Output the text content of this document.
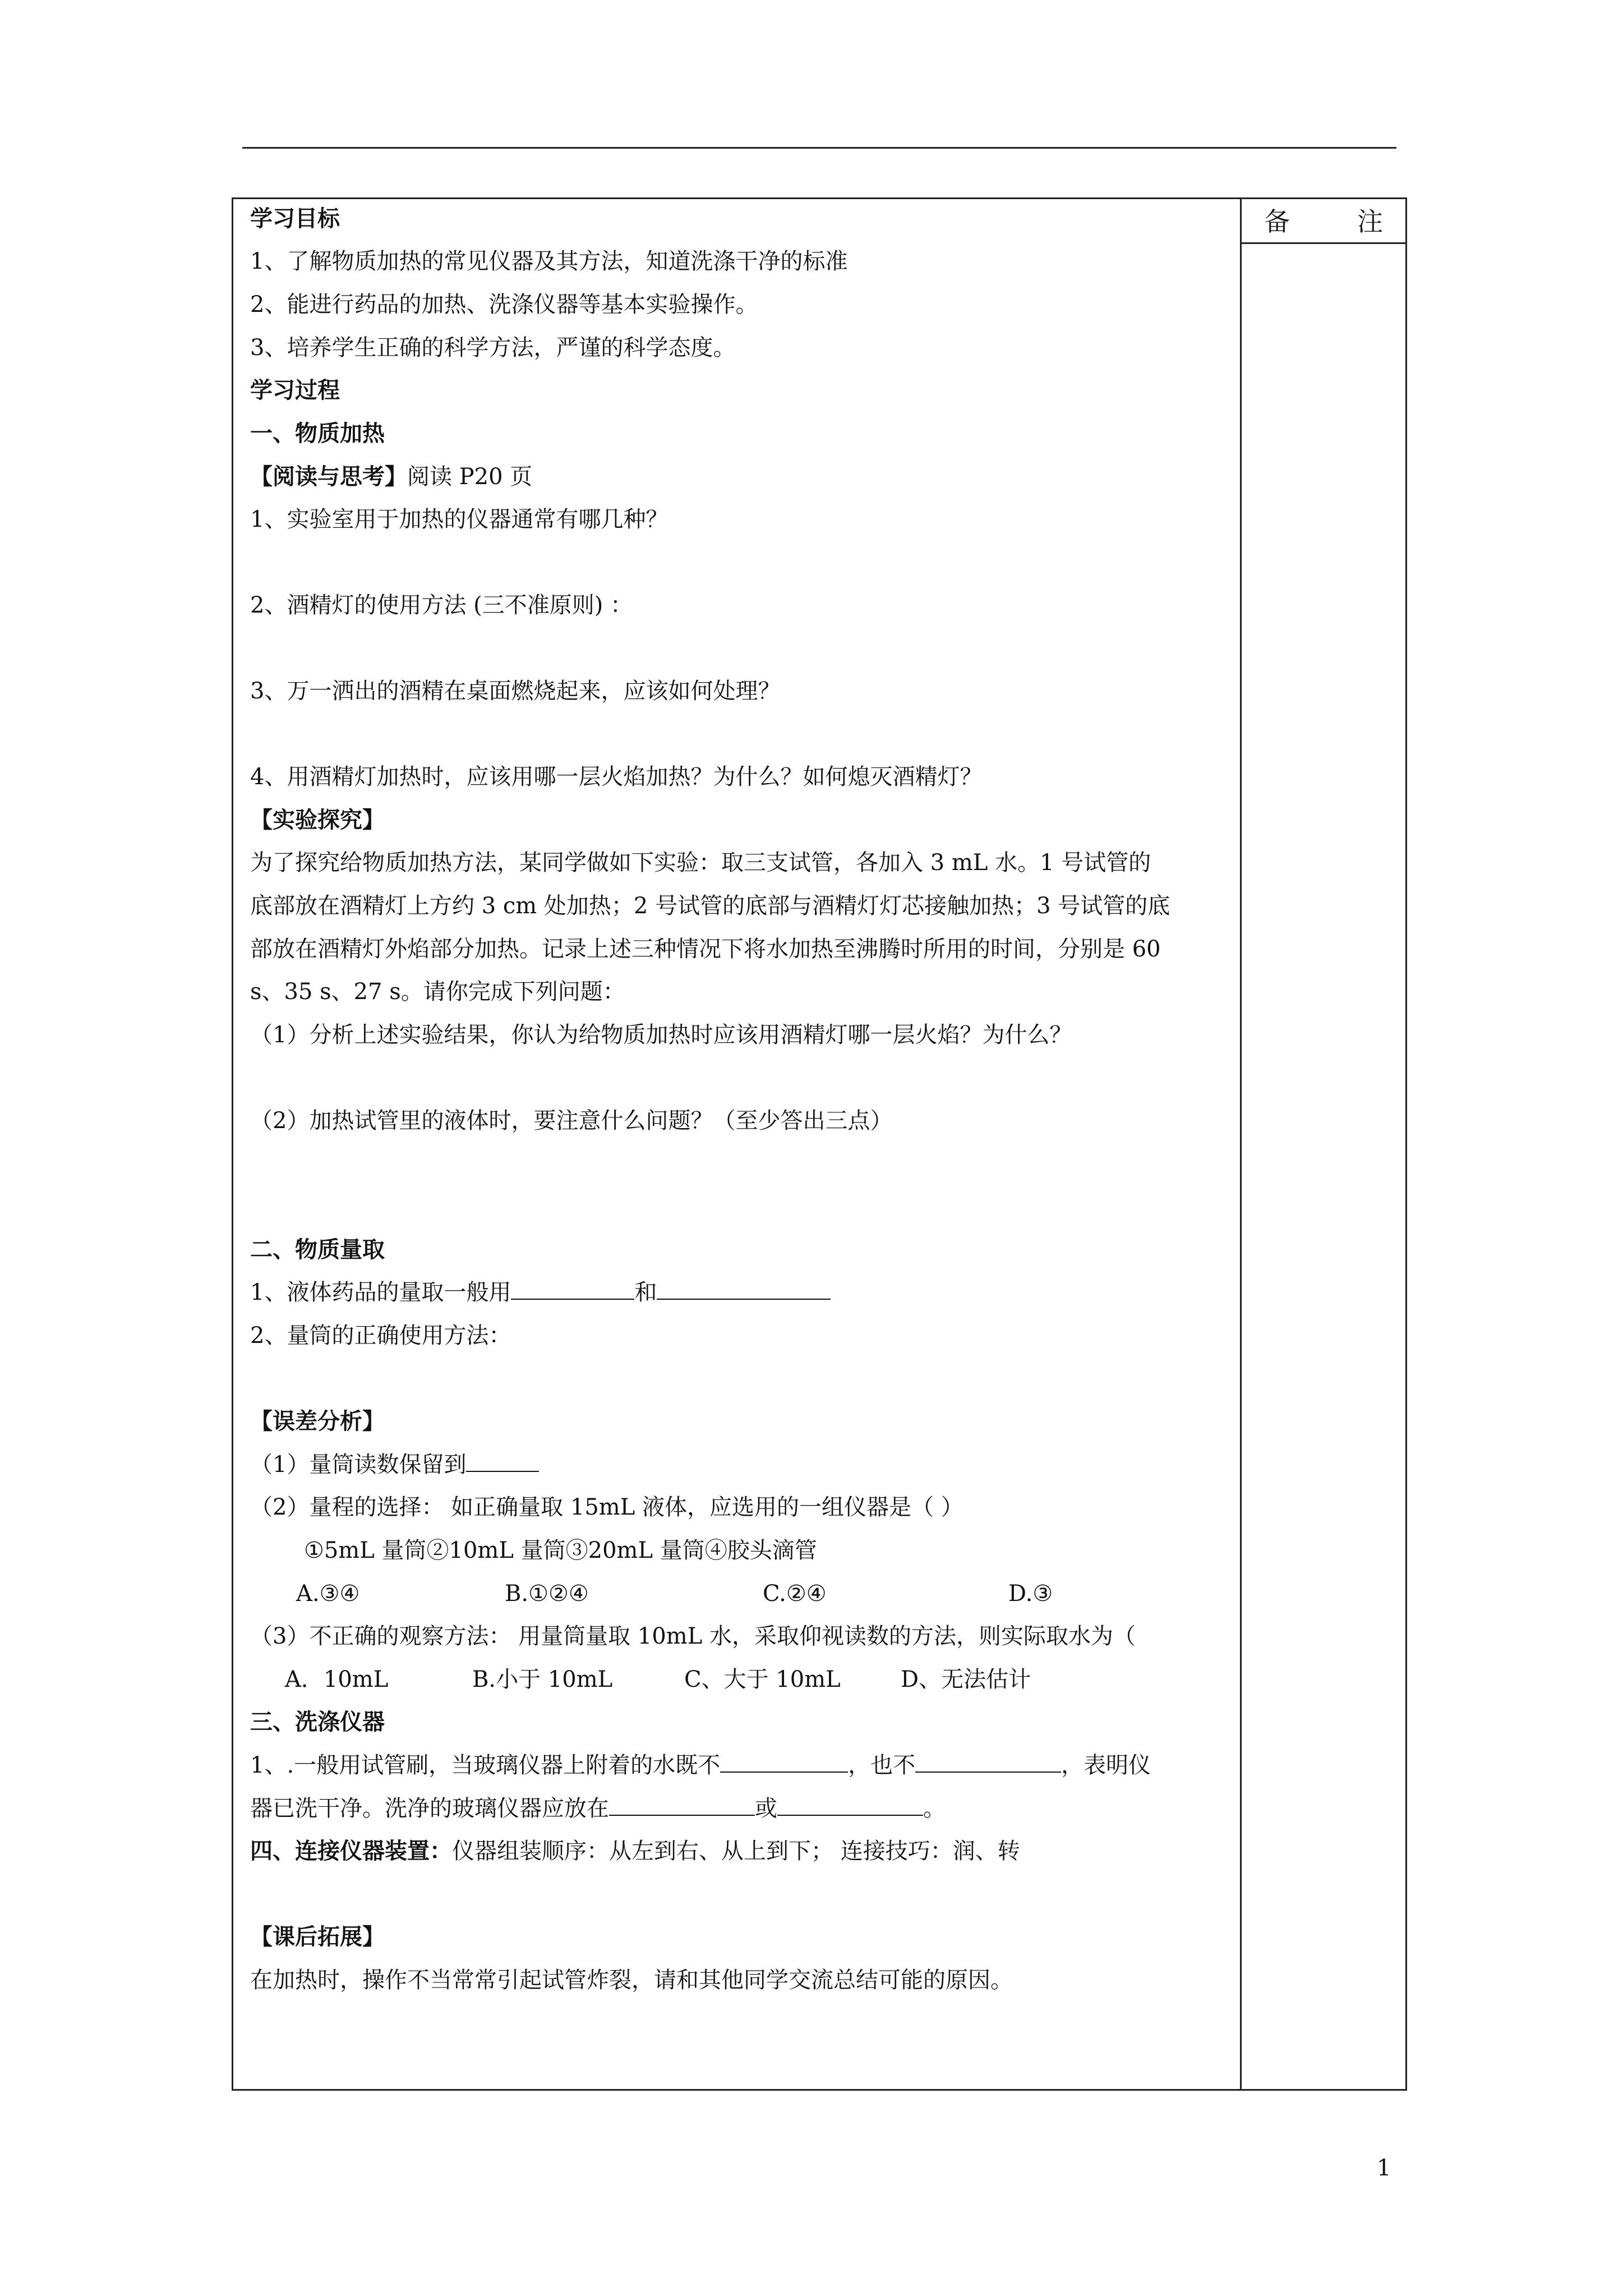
备	注
学习目标
1、了解物质加热的常见仪器及其方法，知道洗涤干净的标准
2、能进行药品的加热、洗涤仪器等基本实验操作。
3、培养学生正确的科学方法，严谨的科学态度。
学习过程
一、物质加热
【阅读与思考】阅读 P20 页
1、实验室用于加热的仪器通常有哪几种？
2、酒精灯的使用方法 (三不准原则) ：
3、万一洒出的酒精在桌面燃烧起来，应该如何处理？
4、用酒精灯加热时，应该用哪一层火焰加热？为什么？如何熄灭酒精灯？
【实验探究】
为了探究给物质加热方法，某同学做如下实验：取三支试管，各加入 3 mL 水。1 号试管的
底部放在酒精灯上方约 3 cm 处加热；2 号试管的底部与酒精灯灯芯接触加热；3 号试管的底
部放在酒精灯外焰部分加热。记录上述三种情况下将水加热至沸腾时所用的时间，分别是 60
s、35 s、27 s。请你完成下列问题：
（1）分析上述实验结果，你认为给物质加热时应该用酒精灯哪一层火焰？为什么？
（2）加热试管里的液体时，要注意什么问题？（至少答出三点）
二、物质量取
1、液体药品的量取一般用	和
2、量筒的正确使用方法：
【误差分析】
（1）量筒读数保留到
（2）量程的选择： 如正确量取 15mL 液体，应选用的一组仪器是（ ）
①5mL 量筒②10mL 量筒③20mL 量筒④胶头滴管
A.③④	B.①②④	C.②④	D.③
（3）不正确的观察方法： 用量筒量取 10mL 水，采取仰视读数的方法，则实际取水为（
A．10mL	B.小于 10mL	C、大于 10mL	D、无法估计
三、洗涤仪器
1、.一般用试管刷，当玻璃仪器上附着的水既不	，也不	，表明仪
器已洗干净。洗净的玻璃仪器应放在	或	。
四、连接仪器装置：仪器组装顺序：从左到右、从上到下； 连接技巧：润、转
【课后拓展】
在加热时，操作不当常常引起试管炸裂，请和其他同学交流总结可能的原因。
1
